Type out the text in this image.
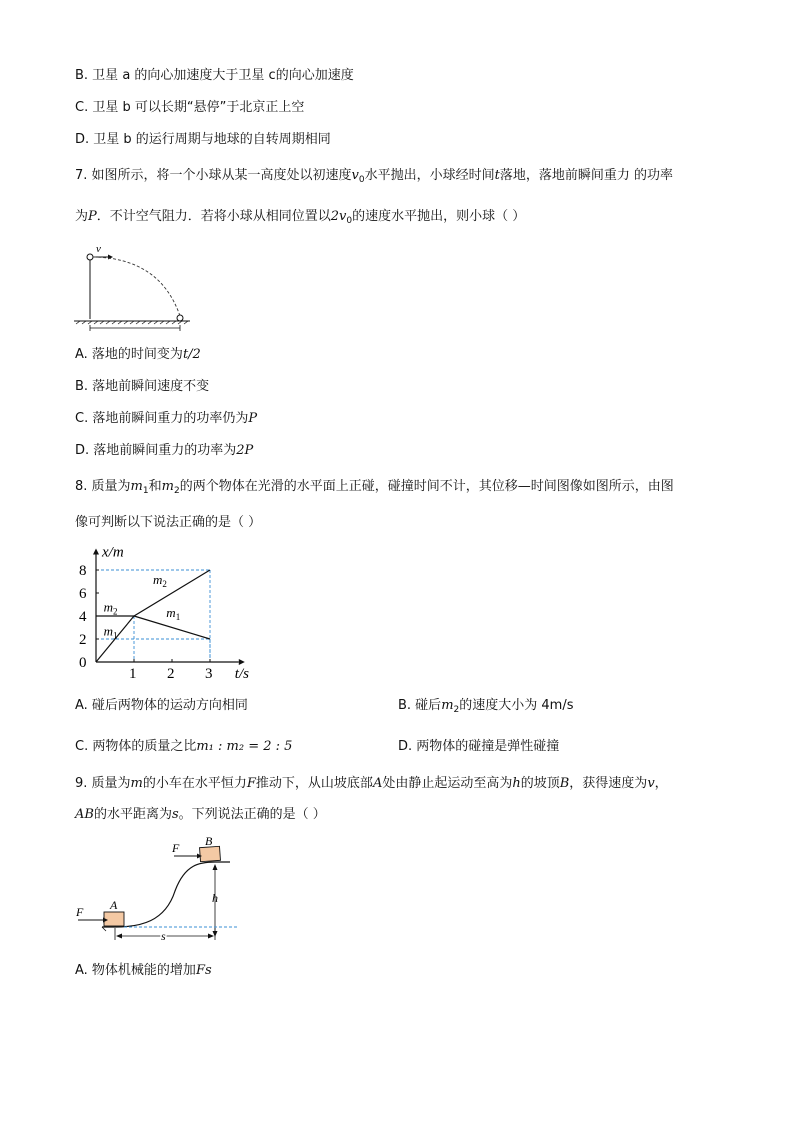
B. 卫星 a 的向心加速度大于卫星 c的向心加速度
C. 卫星 b 可以长期“悬停”于北京正上空
D. 卫星 b 的运行周期与地球的自转周期相同
7. 如图所示，将一个小球从某一高度处以初速度$v_0$水平抛出，小球经时间t落地，落地前瞬间重力 的功率
为P．不计空气阻力．若将小球从相同位置以$2v_0$的速度水平抛出，则小球（ ）
v
A. 落地的时间变为t/2
B. 落地前瞬间速度不变
C. 落地前瞬间重力的功率仍为P
D. 落地前瞬间重力的功率为2P
8. 质量为$m_1$和$m_2$的两个物体在光滑的水平面上正碰，碰撞时间不计，其位移—时间图像如图所示，由图
像可判断以下说法正确的是（ ）
x/m
t/s
0
1 2 3
2
4
6
8
$m_2$
$m_1$
$m_2$
$m_1$
A. 碰后两物体的运动方向相同	B. 碰后$m_2$的速度大小为 4m/s
C. 两物体的质量之比m₁ : m₂ = 2 : 5	D. 两物体的碰撞是弹性碰撞
9. 质量为m的小车在水平恒力F推动下，从山坡底部A处由静止起运动至高为h的坡顶B，获得速度为v，
AB的水平距离为s。下列说法正确的是（ ）
A
F
B
F
h
s
A. 物体机械能的增加Fs
